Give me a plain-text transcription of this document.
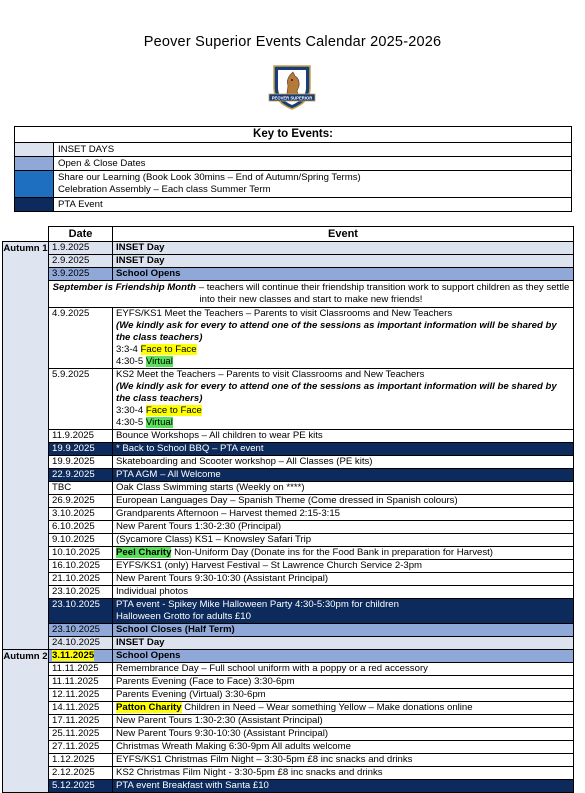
Peover Superior Events Calendar 2025-2026
PEOVER SUPERIOR
Key to Events:	
	INSET DAYS
	Open & Close Dates

	Share our Learning (Book Look 30mins – End of Autumn/Spring Terms)
Celebration Assembly – Each class Summer Term

	PTA Event
	Date	Event
Autumn 1	1.9.2025	INSET Day
	2.9.2025	INSET Day
	3.9.2025	School Opens
	September is Friendship Month – teachers will continue their friendship transition work to support children as they settle into their new classes and start to make new friends!	
	4.9.2025	EYFS/KS1 Meet the Teachers – Parents to visit Classrooms and New Teachers
(We kindly ask for every to attend one of the sessions as important information will be shared by the class teachers)
3:3-4 Face to Face
4:30-5 Virtual

	5.9.2025	KS2 Meet the Teachers – Parents to visit Classrooms and New Teachers
(We kindly ask for every to attend one of the sessions as important information will be shared by the class teachers)
3:30-4 Face to Face
4:30-5 Virtual

	11.9.2025	Bounce Workshops – All children to wear PE kits
	19.9.2025	* Back to School BBQ – PTA event
	19.9.2025	Skateboarding and Scooter workshop – All Classes (PE kits)
	22.9.2025	PTA AGM – All Welcome
	TBC	Oak Class Swimming starts (Weekly on ****)
	26.9.2025	European Languages Day – Spanish Theme (Come dressed in Spanish colours)
	3.10.2025	Grandparents Afternoon – Harvest themed 2:15-3:15
	6.10.2025	New Parent Tours 1:30-2:30 (Principal)
	9.10.2025	(Sycamore Class) KS1 – Knowsley Safari Trip
	10.10.2025	Peel Charity Non-Uniform Day (Donate ins for the Food Bank in preparation for Harvest)
	16.10.2025	EYFS/KS1 (only) Harvest Festival – St Lawrence Church Service 2-3pm
	21.10.2025	New Parent Tours 9:30-10:30 (Assistant Principal)
	23.10.2025	Individual photos
	23.10.2025	PTA event - Spikey Mike Halloween Party 4:30-5:30pm for children
Halloween Grotto for adults £10

	23.10.2025	School Closes (Half Term)
	24.10.2025	INSET Day
Autumn 2	3.11.2025	School Opens
	11.11.2025	Remembrance Day – Full school uniform with a poppy or a red accessory
	11.11.2025	Parents Evening (Face to Face) 3:30-6pm
	12.11.2025	Parents Evening (Virtual) 3:30-6pm
	14.11.2025	Patton Charity Children in Need – Wear something Yellow – Make donations online
	17.11.2025	New Parent Tours 1:30-2:30 (Assistant Principal)
	25.11.2025	New Parent Tours 9:30-10:30 (Assistant Principal)
	27.11.2025	Christmas Wreath Making 6:30-9pm All adults welcome
	1.12.2025	EYFS/KS1 Christmas Film Night – 3:30-5pm £8 inc snacks and drinks
	2.12.2025	KS2 Christmas Film Night - 3:30-5pm £8 inc snacks and drinks
	5.12.2025	PTA event Breakfast with Santa £10
